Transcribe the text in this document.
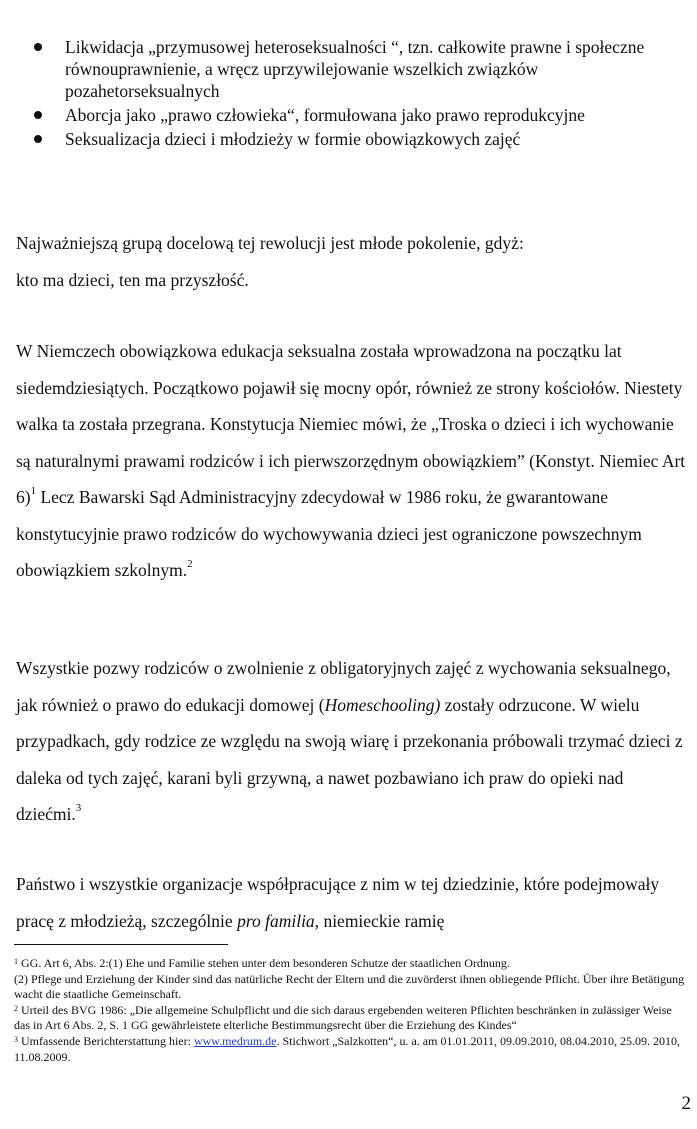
Likwidacja „przymusowej heteroseksualności “, tzn. całkowite prawne i społeczne równouprawnienie, a wręcz uprzywilejowanie wszelkich związków pozahetorseksualnych
Aborcja jako „prawo człowieka“, formułowana jako prawo reprodukcyjne
Seksualizacja dzieci i młodzieży w formie obowiązkowych zajęć
Najważniejszą grupą docelową tej rewolucji jest młode pokolenie, gdyż:
kto ma dzieci, ten ma przyszłość.
W Niemczech obowiązkowa edukacja seksualna została wprowadzona na początku lat siedemdziesiątych. Początkowo pojawił się mocny opór, również ze strony kościołów. Niestety walka ta została przegrana. Konstytucja Niemiec mówi, że „Troska o dzieci i ich wychowanie są naturalnymi prawami rodziców i ich pierwszorzędnym obowiązkiem” (Konstyt. Niemiec Art 6)$^1$ Lecz Bawarski Sąd Administracyjny zdecydował w 1986 roku, że gwarantowane konstytucyjnie prawo rodziców do wychowywania dzieci jest ograniczone powszechnym obowiązkiem szkolnym.$^2$
Wszystkie pozwy rodziców o zwolnienie z obligatoryjnych zajęć z wychowania seksualnego, jak również o prawo do edukacji domowej (Homeschooling) zostały odrzucone. W wielu przypadkach, gdy rodzice ze względu na swoją wiarę i przekonania próbowali trzymać dzieci z daleka od tych zajęć, karani byli grzywną, a nawet pozbawiano ich praw do opieki nad dziećmi.$^3$
Państwo i wszystkie organizacje współpracujące z nim w tej dziedzinie, które podejmowały pracę z młodzieżą, szczególnie pro familia, niemieckie ramię

$^1$ GG. Art 6, Abs. 2:(1) Ehe und Familie stehen unter dem besonderen Schutze der staatlichen Ordnung.

(2) Pflege und Erziehung der Kinder sind das natürliche Recht der Eltern und die zuvörderst ihnen obliegende Pflicht. Über ihre Betätigung wacht die staatliche Gemeinschaft.

$^2$ Urteil des BVG 1986: „Die allgemeine Schulpflicht und die sich daraus ergebenden weiteren Pflichten beschränken in zulässiger Weise das in Art 6 Abs. 2, S. 1 GG gewährleistete elterliche Bestimmungsrecht über die Erziehung des Kindes“

$^3$ Umfassende Berichterstattung hier: www.medrum.de. Stichwort „Salzkotten“, u. a. am 01.01.2011, 09.09.2010, 08.04.2010, 25.09. 2010, 11.08.2009.

2
